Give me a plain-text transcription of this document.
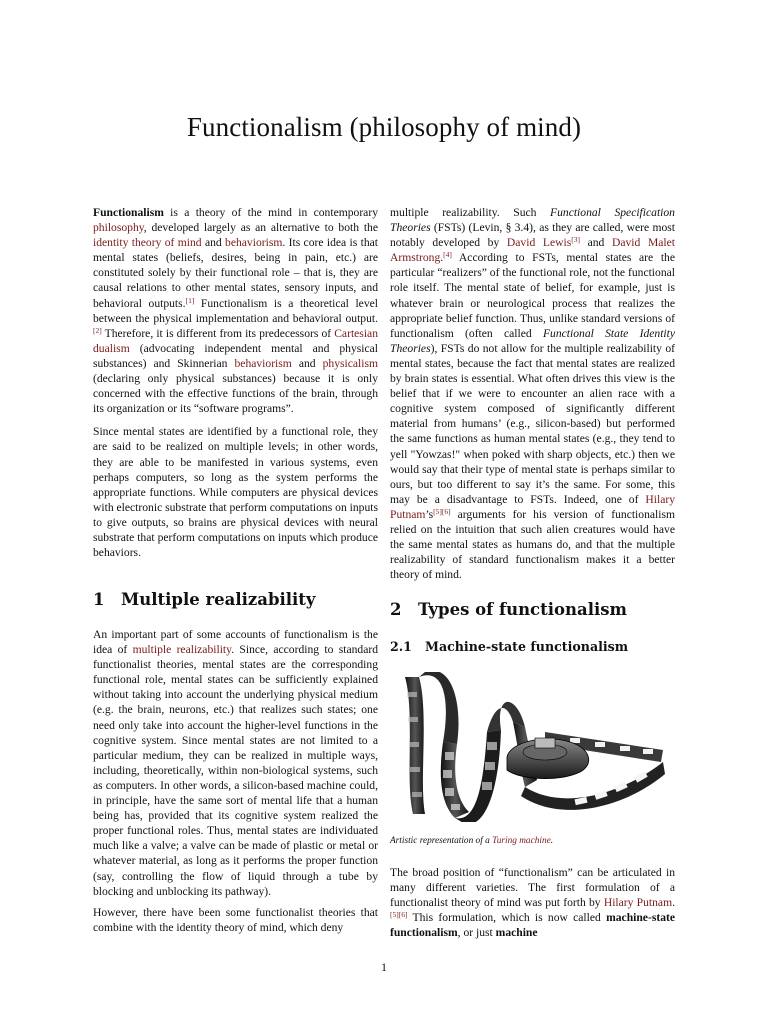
Functionalism (philosophy of mind)

Functionalism is a theory of the mind in contemporary philosophy, developed largely as an alternative to both the identity theory of mind and behaviorism. Its core idea is that mental states (beliefs, desires, being in pain, etc.) are constituted solely by their functional role – that is, they are causal relations to other mental states, sensory inputs, and behavioral outputs.[1] Functionalism is a theoretical level between the physical implementation and behavioral output.[2] Therefore, it is different from its predecessors of Cartesian dualism (advocating independent mental and physical substances) and Skinnerian behaviorism and physicalism (declaring only physical substances) because it is only concerned with the effective functions of the brain, through its organization or its “software programs”.

Since mental states are identified by a functional role, they are said to be realized on multiple levels; in other words, they are able to be manifested in various systems, even perhaps computers, so long as the system performs the appropriate functions. While computers are physical devices with electronic substrate that perform computations on inputs to give outputs, so brains are physical devices with neural substrate that perform computations on inputs which produce behaviors.

1 Multiple realizability

An important part of some accounts of functionalism is the idea of multiple realizability. Since, according to standard functionalist theories, mental states are the corresponding functional role, mental states can be sufficiently explained without taking into account the underlying physical medium (e.g. the brain, neurons, etc.) that realizes such states; one need only take into account the higher-level functions in the cognitive system. Since mental states are not limited to a particular medium, they can be realized in multiple ways, including, theoretically, within non-biological systems, such as computers. In other words, a silicon-based machine could, in principle, have the same sort of mental life that a human being has, provided that its cognitive system realized the proper functional roles. Thus, mental states are individuated much like a valve; a valve can be made of plastic or metal or whatever material, as long as it performs the proper function (say, controlling the flow of liquid through a tube by blocking and unblocking its pathway).

However, there have been some functionalist theories that combine with the identity theory of mind, which deny

multiple realizability. Such Functional Specification Theories (FSTs) (Levin, § 3.4), as they are called, were most notably developed by David Lewis[3] and David Malet Armstrong.[4] According to FSTs, mental states are the particular “realizers” of the functional role, not the functional role itself. The mental state of belief, for example, just is whatever brain or neurological process that realizes the appropriate belief function. Thus, unlike standard versions of functionalism (often called Functional State Identity Theories), FSTs do not allow for the multiple realizability of mental states, because the fact that mental states are realized by brain states is essential. What often drives this view is the belief that if we were to encounter an alien race with a cognitive system composed of significantly different material from humans’ (e.g., silicon-based) but performed the same functions as human mental states (e.g., they tend to yell "Yowzas!" when poked with sharp objects, etc.) then we would say that their type of mental state is perhaps similar to ours, but too different to say it’s the same. For some, this may be a disadvantage to FSTs. Indeed, one of Hilary Putnam’s[5][6] arguments for his version of functionalism relied on the intuition that such alien creatures would have the same mental states as humans do, and that the multiple realizability of standard functionalism makes it a better theory of mind.

2 Types of functionalism
2.1 Machine-state functionalism
Artistic representation of a Turing machine.

The broad position of “functionalism” can be articulated in many different varieties. The first formulation of a functionalist theory of mind was put forth by Hilary Putnam.[5][6] This formulation, which is now called machine-state functionalism, or just machine

1
